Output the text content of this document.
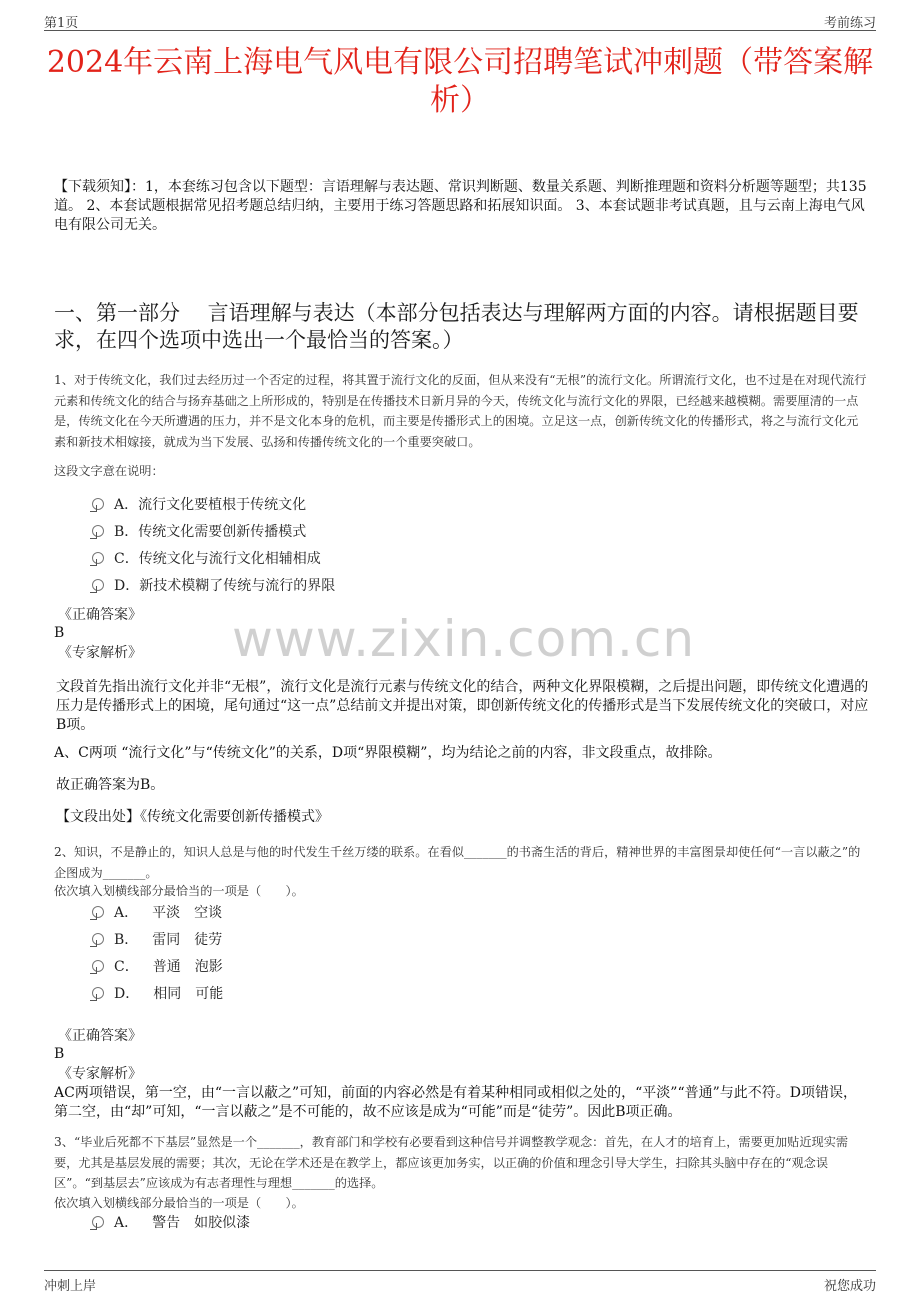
第1页	考前练习
2024年云南上海电气风电有限公司招聘笔试冲刺题（带答案解析）
【下载须知】：1，本套练习包含以下题型：言语理解与表达题、常识判断题、数量关系题、判断推理题和资料分析题等题型；共135道。 2、本套试题根据常见招考题总结归纳，主要用于练习答题思路和拓展知识面。 3、本套试题非考试真题，且与云南上海电气风电有限公司无关。
一、第一部分　 言语理解与表达（本部分包括表达与理解两方面的内容。请根据题目要求，在四个选项中选出一个最恰当的答案。）
1、对于传统文化，我们过去经历过一个否定的过程，将其置于流行文化的反面，但从来没有“无根”的流行文化。所谓流行文化，也不过是在对现代流行元素和传统文化的结合与扬弃基础之上所形成的，特别是在传播技术日新月异的今天，传统文化与流行文化的界限，已经越来越模糊。需要厘清的一点是，传统文化在今天所遭遇的压力，并不是文化本身的危机，而主要是传播形式上的困境。立足这一点，创新传统文化的传播形式，将之与流行文化元素和新技术相嫁接，就成为当下发展、弘扬和传播传统文化的一个重要突破口。
这段文字意在说明：
A．流行文化要植根于传统文化
B．传统文化需要创新传播模式
C．传统文化与流行文化相辅相成
D．新技术模糊了传统与流行的界限
《正确答案》
B
《专家解析》 www.zixin.com.cn
文段首先指出流行文化并非“无根”，流行文化是流行元素与传统文化的结合，两种文化界限模糊，之后提出问题，即传统文化遭遇的压力是传播形式上的困境，尾句通过“这一点”总结前文并提出对策，即创新传统文化的传播形式是当下发展传统文化的突破口，对应B项。
A、C两项 “流行文化”与“传统文化”的关系，D项“界限模糊”，均为结论之前的内容，非文段重点，故排除。
故正确答案为B。
【文段出处】《传统文化需要创新传播模式》
2、知识，不是静止的，知识人总是与他的时代发生千丝万缕的联系。在看似_______的书斋生活的背后，精神世界的丰富图景却使任何“一言以蔽之”的企图成为_______。
依次填入划横线部分最恰当的一项是（　　）。
A． 平淡 空谈
B． 雷同 徒劳
C． 普通 泡影
D． 相同 可能
《正确答案》
B
《专家解析》
AC两项错误，第一空，由“一言以蔽之”可知，前面的内容必然是有着某种相同或相似之处的，“平淡”“普通”与此不符。D项错误，第二空，由“却”可知，“一言以蔽之”是不可能的，故不应该是成为“可能”而是“徒劳”。因此B项正确。
3、“毕业后死都不下基层”显然是一个_______，教育部门和学校有必要看到这种信号并调整教学观念：首先，在人才的培育上，需要更加贴近现实需要，尤其是基层发展的需要；其次，无论在学术还是在教学上，都应该更加务实，以正确的价值和理念引导大学生，扫除其头脑中存在的“观念误区”。“到基层去”应该成为有志者理性与理想_______的选择。
依次填入划横线部分最恰当的一项是（　　）。
A． 警告 如胶似漆
冲刺上岸	祝您成功
